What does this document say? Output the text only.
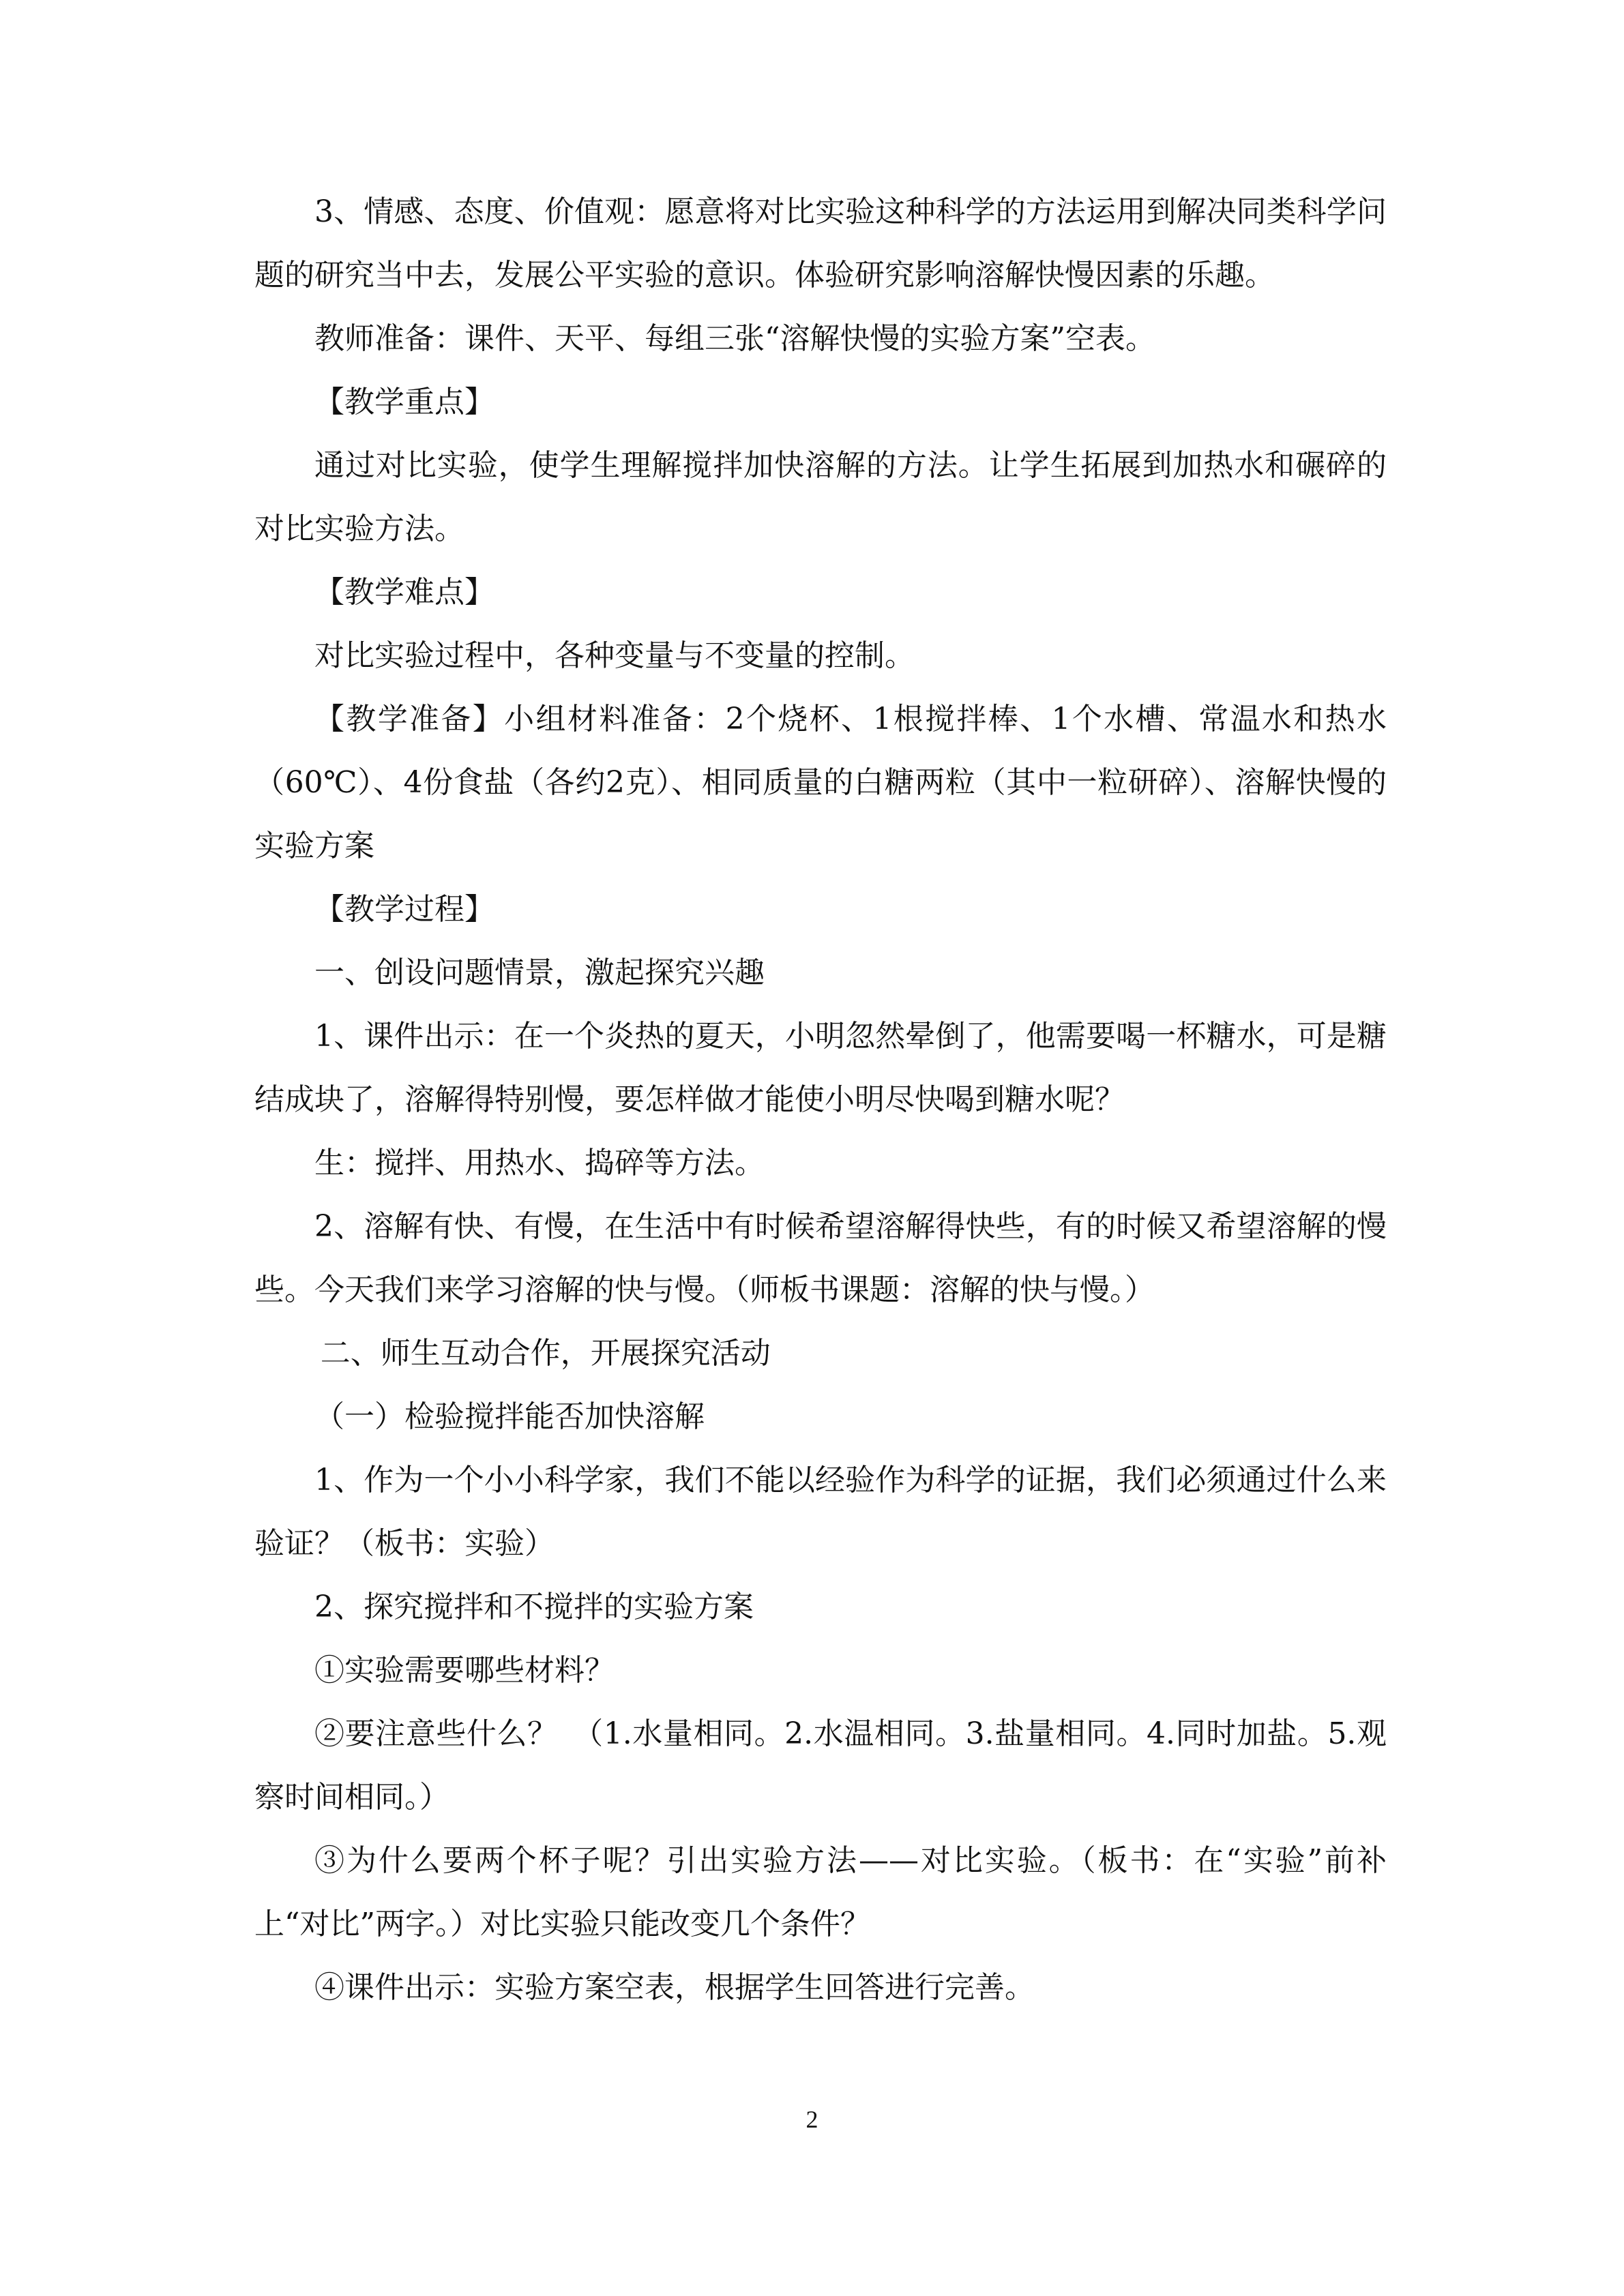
3、情感、态度、价值观：愿意将对比实验这种科学的方法运用到解决同类科学问题的研究当中去，发展公平实验的意识。体验研究影响溶解快慢因素的乐趣。

教师准备：课件、天平、每组三张“溶解快慢的实验方案”空表。

【教学重点】

通过对比实验，使学生理解搅拌加快溶解的方法。让学生拓展到加热水和碾碎的对比实验方法。

【教学难点】

对比实验过程中，各种变量与不变量的控制。

【教学准备】小组材料准备：2个烧杯、1根搅拌棒、1个水槽、常温水和热水（60℃）、4份食盐（各约2克）、相同质量的白糖两粒（其中一粒研碎）、溶解快慢的实验方案

【教学过程】

一、创设问题情景，激起探究兴趣

1、课件出示：在一个炎热的夏天，小明忽然晕倒了，他需要喝一杯糖水，可是糖结成块了，溶解得特别慢，要怎样做才能使小明尽快喝到糖水呢？

生：搅拌、用热水、捣碎等方法。

2、溶解有快、有慢，在生活中有时候希望溶解得快些，有的时候又希望溶解的慢些。今天我们来学习溶解的快与慢。（师板书课题：溶解的快与慢。）

二、师生互动合作，开展探究活动

（一）检验搅拌能否加快溶解

1、作为一个小小科学家，我们不能以经验作为科学的证据，我们必须通过什么来验证？（板书：实验）

2、探究搅拌和不搅拌的实验方案

①实验需要哪些材料？

②要注意些什么？　（1.水量相同。2.水温相同。3.盐量相同。4.同时加盐。5.观察时间相同。）

③为什么要两个杯子呢？引出实验方法——对比实验。（板书：在“实验”前补上“对比”两字。）对比实验只能改变几个条件？

④课件出示：实验方案空表，根据学生回答进行完善。

2
